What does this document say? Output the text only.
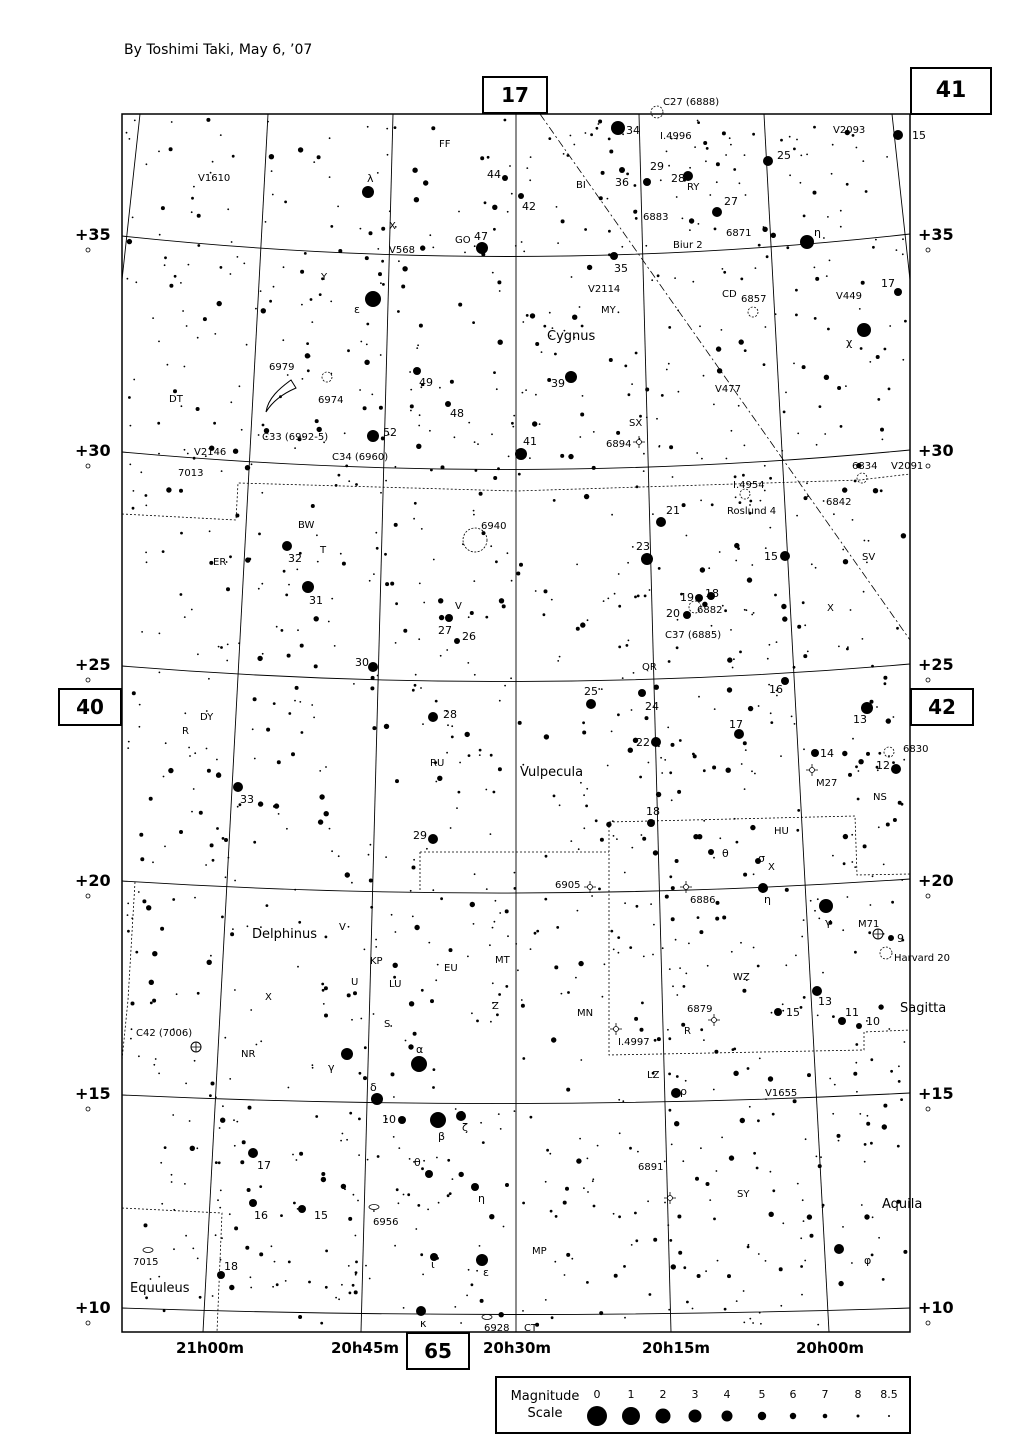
By Toshimi Taki, May 6, ’07
17	41
40	42
65
+35	+35
+30	+30
+25	+25
+20	+20
+15	+15
+10	+10
21h00m	20h45m	20h30m	20h15m	20h00m
Cygnus
Vulpecula
Delphinus
Sagitta
Aquila
Equuleus
λ
ε
52
47
49
48
41
44
42
34
36
29
28
27
25
15
η
17
χ
39
35
21
23
19 18
20
15
16
32
31
27 26
30
28
25
24
22
17	13
14
12
33
29
18
θ
η
γ
9
σ
13
11
10
15
ρ
γ
α
δ
10
β
ζ
17	θ
η
16	15
ι
ε
κ
18	φ
FF
V1610
X
V568
GO
Y
C27 (6888)
I.4996
BI	RY
6883
6871
Biur 2
V2093
V2114
MY
CD 6857	V449
6979
6974
C33 (6992-5)
DT
V477
SX
6894
V2146
7013
C34 (6960)
6834 V2091
I.4954
6842
Roslund 4
BW
T
6940
ER	SV
V	6882
C37 (6885)
X
QR
DY
R
RU
6830
M27
NS
HU
X
6905
6886
M71
V
KP
EU
MT
U
Harvard 20
X
LU
WZ
S
Z
MN	6879
C42 (7006)
NR
I.4997
R
LZ
V1655
6891
SY
6956
7015
MP
6928 CT
Magnitude
Scale
0 1 2 3 4	5 6 7 8 8.5
